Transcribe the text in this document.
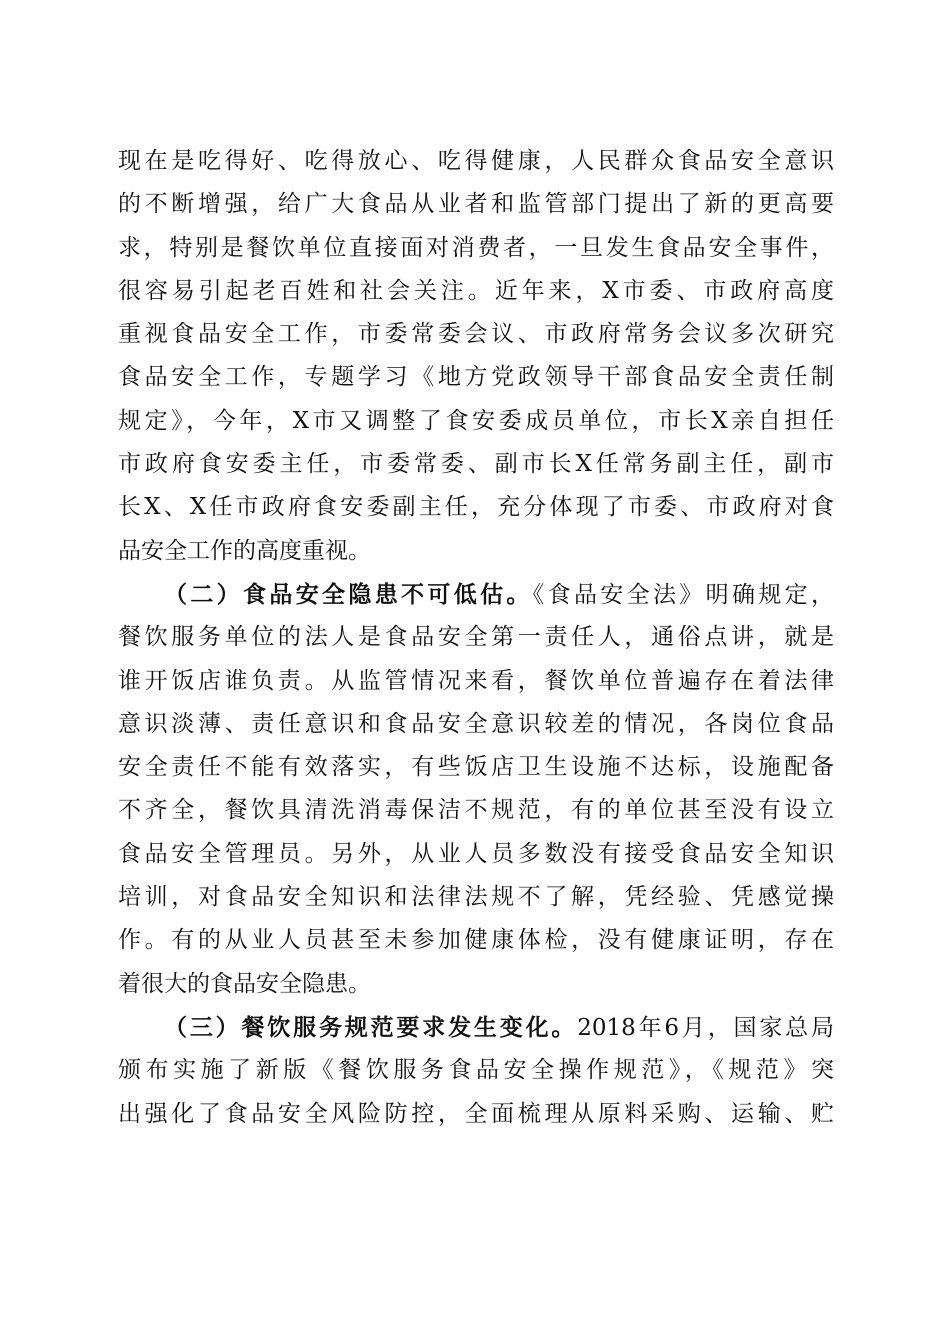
现在是吃得好、吃得放心、吃得健康，人民群众食品安全意识
的不断增强，给广大食品从业者和监管部门提出了新的更高要
求，特别是餐饮单位直接面对消费者，一旦发生食品安全事件，
很容易引起老百姓和社会关注。近年来，X市委、市政府高度
重视食品安全工作，市委常委会议、市政府常务会议多次研究
食品安全工作，专题学习《地方党政领导干部食品安全责任制
规定》，今年，X市又调整了食安委成员单位，市长X亲自担任
市政府食安委主任，市委常委、副市长X任常务副主任，副市
长X、X任市政府食安委副主任，充分体现了市委、市政府对食
品安全工作的高度重视。
（二）食品安全隐患不可低估。《食品安全法》明确规定，
餐饮服务单位的法人是食品安全第一责任人，通俗点讲，就是
谁开饭店谁负责。从监管情况来看，餐饮单位普遍存在着法律
意识淡薄、责任意识和食品安全意识较差的情况，各岗位食品
安全责任不能有效落实，有些饭店卫生设施不达标，设施配备
不齐全，餐饮具清洗消毒保洁不规范，有的单位甚至没有设立
食品安全管理员。另外，从业人员多数没有接受食品安全知识
培训，对食品安全知识和法律法规不了解，凭经验、凭感觉操
作。有的从业人员甚至未参加健康体检，没有健康证明，存在
着很大的食品安全隐患。
（三）餐饮服务规范要求发生变化。2018年6月，国家总局
颁布实施了新版《餐饮服务食品安全操作规范》，《规范》突
出强化了食品安全风险防控，全面梳理从原料采购、运输、贮
